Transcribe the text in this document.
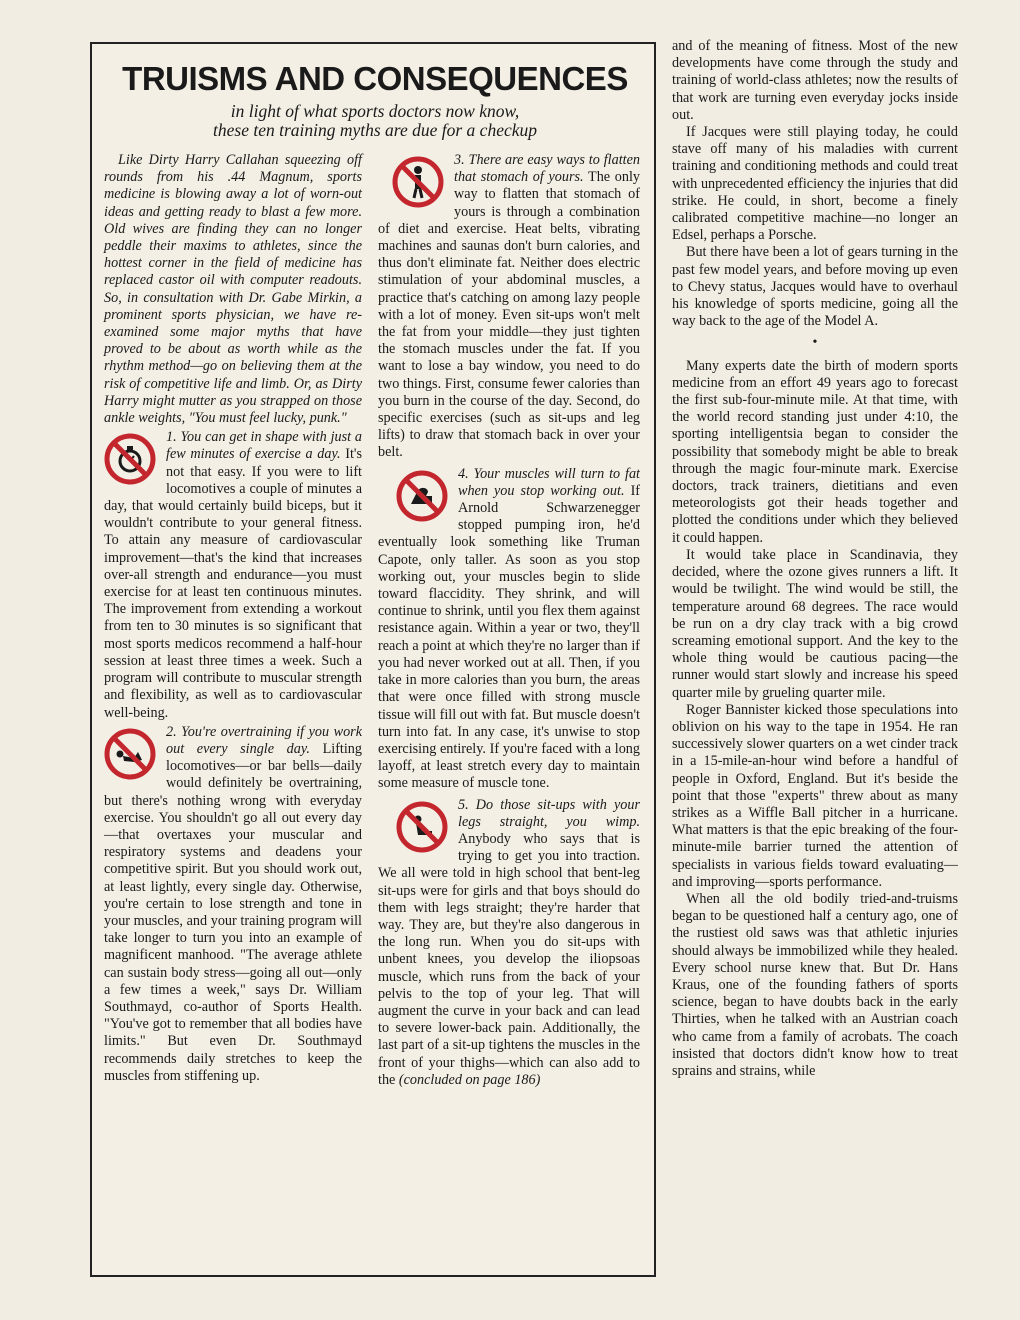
TRUISMS AND CONSEQUENCES
in light of what sports doctors now know,
these ten training myths are due for a checkup

Like Dirty Harry Callahan squeezing off rounds from his .44 Magnum, sports medicine is blowing away a lot of worn-out ideas and getting ready to blast a few more. Old wives are finding they can no longer peddle their maxims to athletes, since the hottest corner in the field of medicine has replaced castor oil with computer readouts. So, in consultation with Dr. Gabe Mirkin, a prominent sports physician, we have re-examined some major myths that have proved to be about as worth while as the rhythm method—go on believing them at the risk of competitive life and limb. Or, as Dirty Harry might mutter as you strapped on those ankle weights, "You must feel lucky, punk."

1. You can get in shape with just a few minutes of exercise a day. It's not that easy. If you were to lift locomotives a couple of minutes a day, that would certainly build biceps, but it wouldn't contribute to your general fitness. To attain any measure of cardiovascular improvement—that's the kind that increases over-all strength and endurance—you must exercise for at least ten continuous minutes. The improvement from extending a workout from ten to 30 minutes is so significant that most sports medicos recommend a half-hour session at least three times a week. Such a program will contribute to muscular strength and flexibility, as well as to cardiovascular well-being.

2. You're overtraining if you work out every single day. Lifting locomotives—or bar bells—daily would definitely be overtraining, but there's nothing wrong with everyday exercise. You shouldn't go all out every day—that overtaxes your muscular and respiratory systems and deadens your competitive spirit. But you should work out, at least lightly, every single day. Otherwise, you're certain to lose strength and tone in your muscles, and your training program will take longer to turn you into an example of magnificent manhood. "The average athlete can sustain body stress—going all out—only a few times a week," says Dr. William Southmayd, co-author of Sports Health. "You've got to remember that all bodies have limits." But even Dr. Southmayd recommends daily stretches to keep the muscles from stiffening up.

3. There are easy ways to flatten that stomach of yours. The only way to flatten that stomach of yours is through a combination of diet and exercise. Heat belts, vibrating machines and saunas don't burn calories, and thus don't eliminate fat. Neither does electric stimulation of your abdominal muscles, a practice that's catching on among lazy people with a lot of money. Even sit-ups won't melt the fat from your middle—they just tighten the stomach muscles under the fat. If you want to lose a bay window, you need to do two things. First, consume fewer calories than you burn in the course of the day. Second, do specific exercises (such as sit-ups and leg lifts) to draw that stomach back in over your belt.

4. Your muscles will turn to fat when you stop working out. If Arnold Schwarzenegger stopped pumping iron, he'd eventually look something like Truman Capote, only taller. As soon as you stop working out, your muscles begin to slide toward flaccidity. They shrink, and will continue to shrink, until you flex them against resistance again. Within a year or two, they'll reach a point at which they're no larger than if you had never worked out at all. Then, if you take in more calories than you burn, the areas that were once filled with strong muscle tissue will fill out with fat. But muscle doesn't turn into fat. In any case, it's unwise to stop exercising entirely. If you're faced with a long layoff, at least stretch every day to maintain some measure of muscle tone.

5. Do those sit-ups with your legs straight, you wimp. Anybody who says that is trying to get you into traction. We all were told in high school that bent-leg sit-ups were for girls and that boys should do them with legs straight; they're harder that way. They are, but they're also dangerous in the long run. When you do sit-ups with unbent knees, you develop the iliopsoas muscle, which runs from the back of your pelvis to the top of your leg. That will augment the curve in your back and can lead to severe lower-back pain. Additionally, the last part of a sit-up tightens the muscles in the front of your thighs—which can also add to the (concluded on page 186)

and of the meaning of fitness. Most of the new developments have come through the study and training of world-class athletes; now the results of that work are turning even everyday jocks inside out.

If Jacques were still playing today, he could stave off many of his maladies with current training and conditioning methods and could treat with unprecedented efficiency the injuries that did strike. He could, in short, become a finely calibrated competitive machine—no longer an Edsel, perhaps a Porsche.

But there have been a lot of gears turning in the past few model years, and before moving up even to Chevy status, Jacques would have to overhaul his knowledge of sports medicine, going all the way back to the age of the Model A.

•

Many experts date the birth of modern sports medicine from an effort 49 years ago to forecast the first sub-four-minute mile. At that time, with the world record standing just under 4:10, the sporting intelligentsia began to consider the possibility that somebody might be able to break through the magic four-minute mark. Exercise doctors, track trainers, dietitians and even meteorologists got their heads together and plotted the conditions under which they believed it could happen.

It would take place in Scandinavia, they decided, where the ozone gives runners a lift. It would be twilight. The wind would be still, the temperature around 68 degrees. The race would be run on a dry clay track with a big crowd screaming emotional support. And the key to the whole thing would be cautious pacing—the runner would start slowly and increase his speed quarter mile by grueling quarter mile.

Roger Bannister kicked those speculations into oblivion on his way to the tape in 1954. He ran successively slower quarters on a wet cinder track in a 15-mile-an-hour wind before a handful of people in Oxford, England. But it's beside the point that those "experts" threw about as many strikes as a Wiffle Ball pitcher in a hurricane. What matters is that the epic breaking of the four-minute-mile barrier turned the attention of specialists in various fields toward evaluating—and improving—sports performance.

When all the old bodily tried-and-truisms began to be questioned half a century ago, one of the rustiest old saws was that athletic injuries should always be immobilized while they healed. Every school nurse knew that. But Dr. Hans Kraus, one of the founding fathers of sports science, began to have doubts back in the early Thirties, when he talked with an Austrian coach who came from a family of acrobats. The coach insisted that doctors didn't know how to treat sprains and strains, while
